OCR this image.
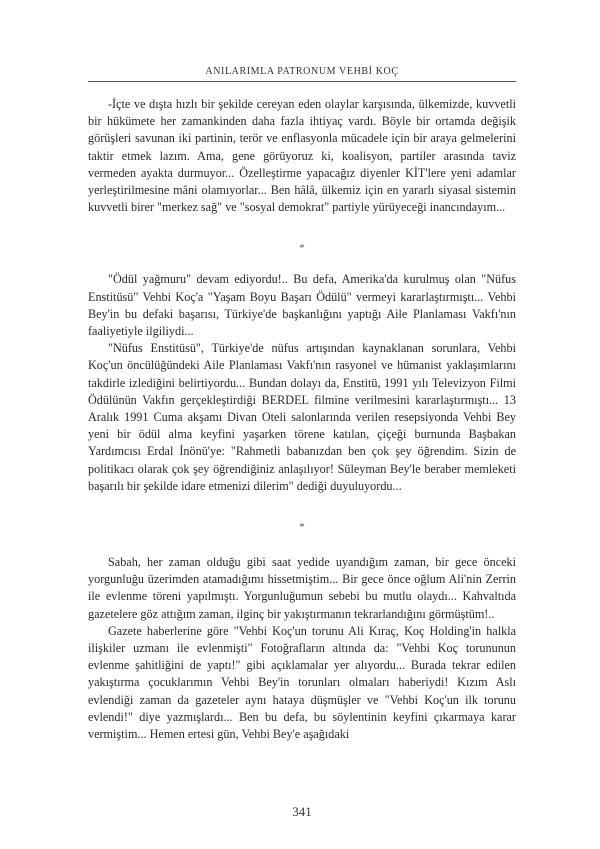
ANILARIMLA PATRONUM VEHBİ KOÇ

-İçte ve dışta hızlı bir şekilde cereyan eden olaylar karşısında, ülkemizde, kuvvetli bir hükümete her zamankinden daha fazla ihtiyaç vardı. Böyle bir ortamda değişik görüşleri savunan iki partinin, terör ve enflasyonla mücadele için bir araya gelmelerini taktir etmek lazım. Ama, gene görüyoruz ki, koalisyon, partiler arasında taviz vermeden ayakta durmuyor... Özelleştirme yapacağız diyenler KİT'lere yeni adamlar yerleştirilmesine mâni olamıyorlar... Ben hâlâ, ülkemiz için en yararlı siyasal sistemin kuvvetli birer "merkez sağ" ve "sosyal demokrat" partiyle yürüyeceği inancındayım...

*

"Ödül yağmuru" devam ediyordu!.. Bu defa, Amerika'da kurulmuş olan "Nüfus Enstitüsü" Vehbi Koç'a "Yaşam Boyu Başarı Ödülü" vermeyi kararlaştırmıştı... Vehbi Bey'in bu defaki başarısı, Türkiye'de başkanlığını yaptığı Aile Planlaması Vakfı'nın faaliyetiyle ilgiliydi...

"Nüfus Enstitüsü", Türkiye'de nüfus artışından kaynaklanan sorunlara, Vehbi Koç'un öncülüğündeki Aile Planlaması Vakfı'nın rasyonel ve hümanist yaklaşımlarını takdirle izlediğini belirtiyordu... Bundan dolayı da, Enstitü, 1991 yılı Televizyon Filmi Ödülünün Vakfın gerçekleştirdiği BERDEL filmine verilmesini kararlaştırmıştı... 13 Aralık 1991 Cuma akşamı Divan Oteli salonlarında verilen resepsiyonda Vehbi Bey yeni bir ödül alma keyfini yaşarken törene katılan, çiçeği burnunda Başbakan Yardımcısı Erdal İnönü'ye: "Rahmetli babanızdan ben çok şey öğrendim. Sizin de politikacı olarak çok şey öğrendiğiniz anlaşılıyor! Süleyman Bey'le beraber memleketi başarılı bir şekilde idare etmenizi dilerim" dediği duyuluyordu...

*

Sabah, her zaman olduğu gibi saat yedide uyandığım zaman, bir gece önceki yorgunluğu üzerimden atamadığımı hissetmiştim... Bir gece önce oğlum Ali'nin Zerrin ile evlenme töreni yapılmıştı. Yorgunluğumun sebebi bu mutlu olaydı... Kahvaltıda gazetelere göz attığım zaman, ilginç bir yakıştırmanın tekrarlandığını görmüştüm!..

Gazete haberlerine göre "Vehbi Koç'un torunu Ali Kıraç, Koç Holding'in halkla ilişkiler uzmanı ile evlenmişti" Fotoğrafların altında da: "Vehbi Koç torununun evlenme şahitliğini de yaptı!" gibi açıklamalar yer alıyordu... Burada tekrar edilen yakıştırma çocuklarımın Vehbi Bey'in torunları olmaları haberiydi! Kızım Aslı evlendiği zaman da gazeteler aynı hataya düşmüşler ve "Vehbi Koç'un ilk torunu evlendi!" diye yazmışlardı... Ben bu defa, bu söylentinin keyfini çıkarmaya karar vermiştim... Hemen ertesi gün, Vehbi Bey'e aşağıdaki

341
